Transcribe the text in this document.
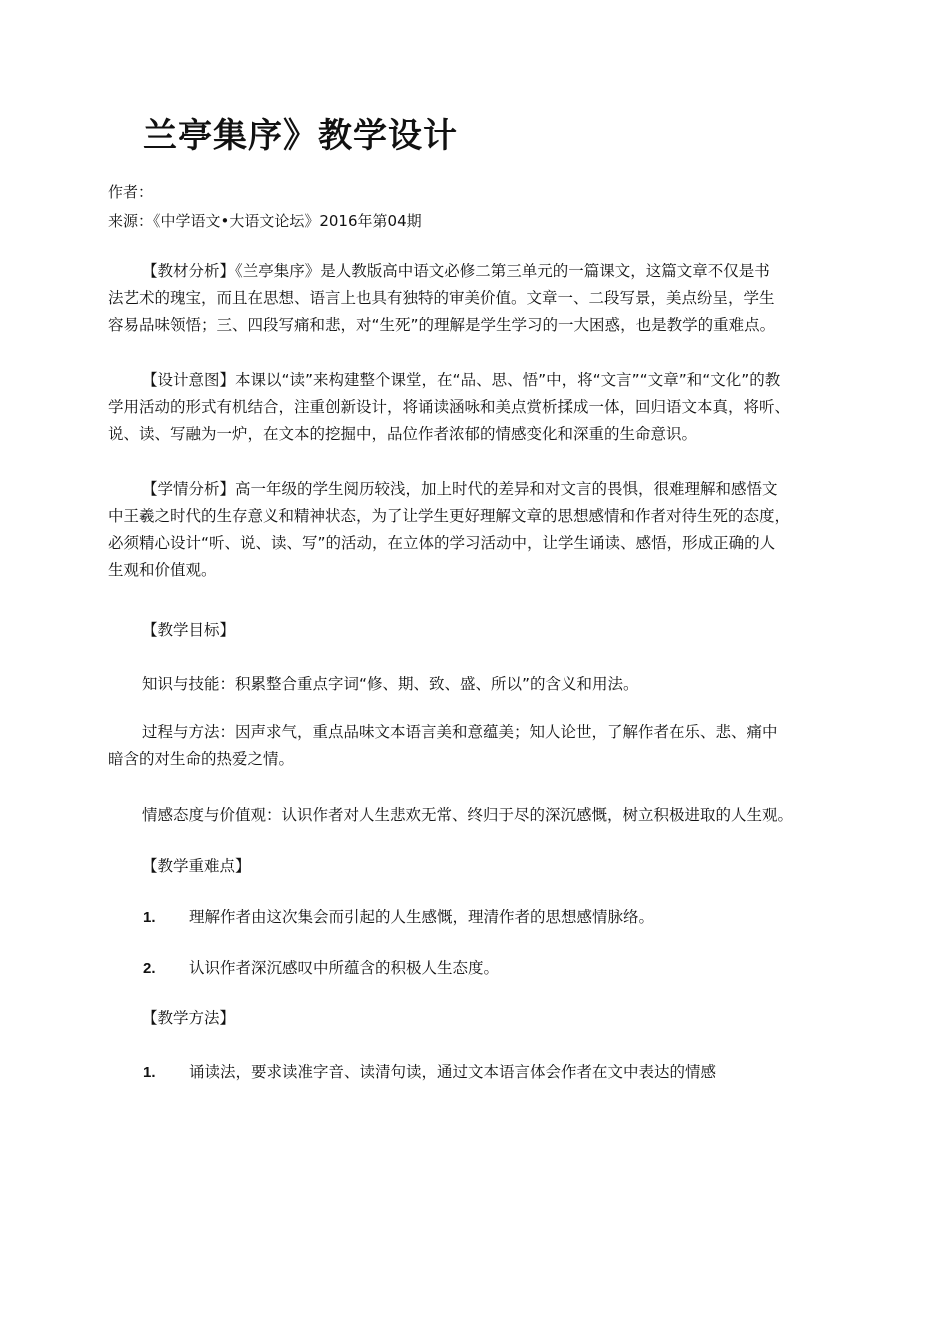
兰亭集序》教学设计

作者：

来源：《中学语文•大语文论坛》2016年第04期

【教材分析】《兰亭集序》是人教版高中语文必修二第三单元的一篇课文，这篇文章不仅是书
法艺术的瑰宝，而且在思想、语言上也具有独特的审美价值。文章一、二段写景，美点纷呈，学生
容易品味领悟；三、四段写痛和悲，对“生死”的理解是学生学习的一大困惑，也是教学的重难点。
【设计意图】本课以“读”来构建整个课堂，在“品、思、悟”中，将“文言”“文章”和“文化”的教
学用活动的形式有机结合，注重创新设计，将诵读涵咏和美点赏析揉成一体，回归语文本真，将听、
说、读、写融为一炉，在文本的挖掘中，品位作者浓郁的情感变化和深重的生命意识。
【学情分析】高一年级的学生阅历较浅，加上时代的差异和对文言的畏惧，很难理解和感悟文
中王羲之时代的生存意义和精神状态，为了让学生更好理解文章的思想感情和作者对待生死的态度，
必须精心设计“听、说、读、写”的活动，在立体的学习活动中，让学生诵读、感悟，形成正确的人
生观和价值观。

【教学目标】

知识与技能：积累整合重点字词“修、期、致、盛、所以”的含义和用法。

过程与方法：因声求气，重点品味文本语言美和意蕴美；知人论世，了解作者在乐、悲、痛中
暗含的对生命的热爱之情。

情感态度与价值观：认识作者对人生悲欢无常、终归于尽的深沉感慨，树立积极进取的人生观。

【教学重难点】

1. 理解作者由这次集会而引起的人生感慨，理清作者的思想感情脉络。

2. 认识作者深沉感叹中所蕴含的积极人生态度。

【教学方法】

1. 诵读法，要求读准字音、读清句读，通过文本语言体会作者在文中表达的情感
